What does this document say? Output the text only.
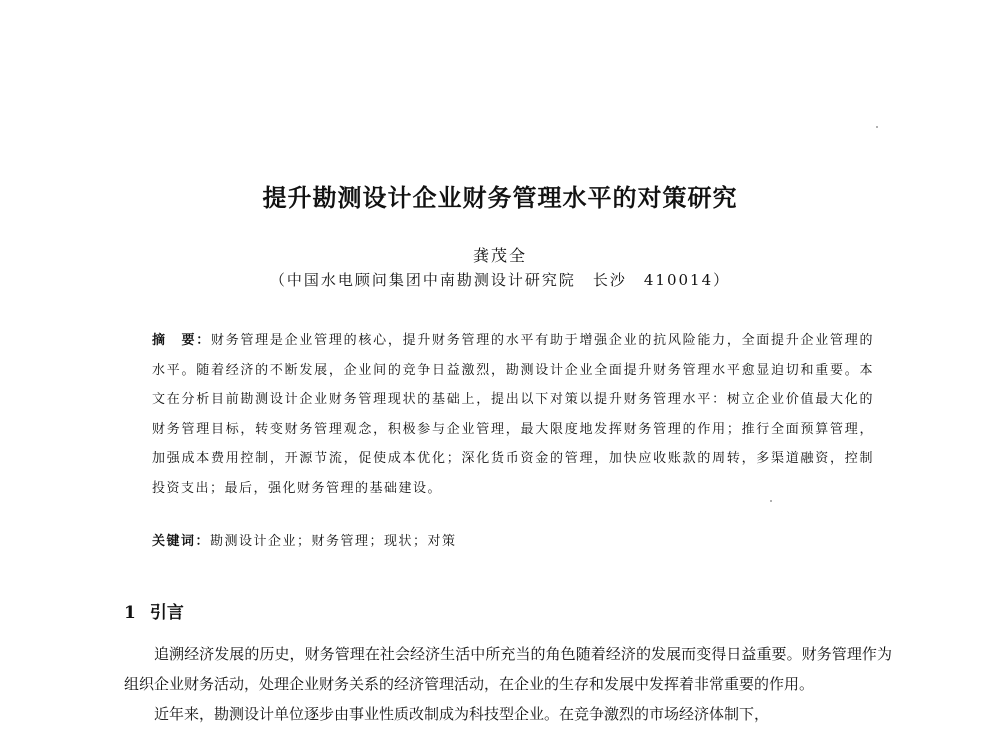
提升勘测设计企业财务管理水平的对策研究
龚茂全
（中国水电顾问集团中南勘测设计研究院　长沙　410014）
摘　要：财务管理是企业管理的核心，提升财务管理的水平有助于增强企业的抗风险能力，全面提升企业管理的水平。随着经济的不断发展，企业间的竞争日益激烈，勘测设计企业全面提升财务管理水平愈显迫切和重要。本文在分析目前勘测设计企业财务管理现状的基础上，提出以下对策以提升财务管理水平：树立企业价值最大化的财务管理目标，转变财务管理观念，积极参与企业管理，最大限度地发挥财务管理的作用；推行全面预算管理，加强成本费用控制，开源节流，促使成本优化；深化货币资金的管理，加快应收账款的周转，多渠道融资，控制投资支出；最后，强化财务管理的基础建设。
关键词：勘测设计企业；财务管理；现状；对策
1 引言

追溯经济发展的历史，财务管理在社会经济生活中所充当的角色随着经济的发展而变得日益重要。财务管理作为组织企业财务活动，处理企业财务关系的经济管理活动，在企业的生存和发展中发挥着非常重要的作用。

近年来，勘测设计单位逐步由事业性质改制成为科技型企业。在竞争激烈的市场经济体制下，
